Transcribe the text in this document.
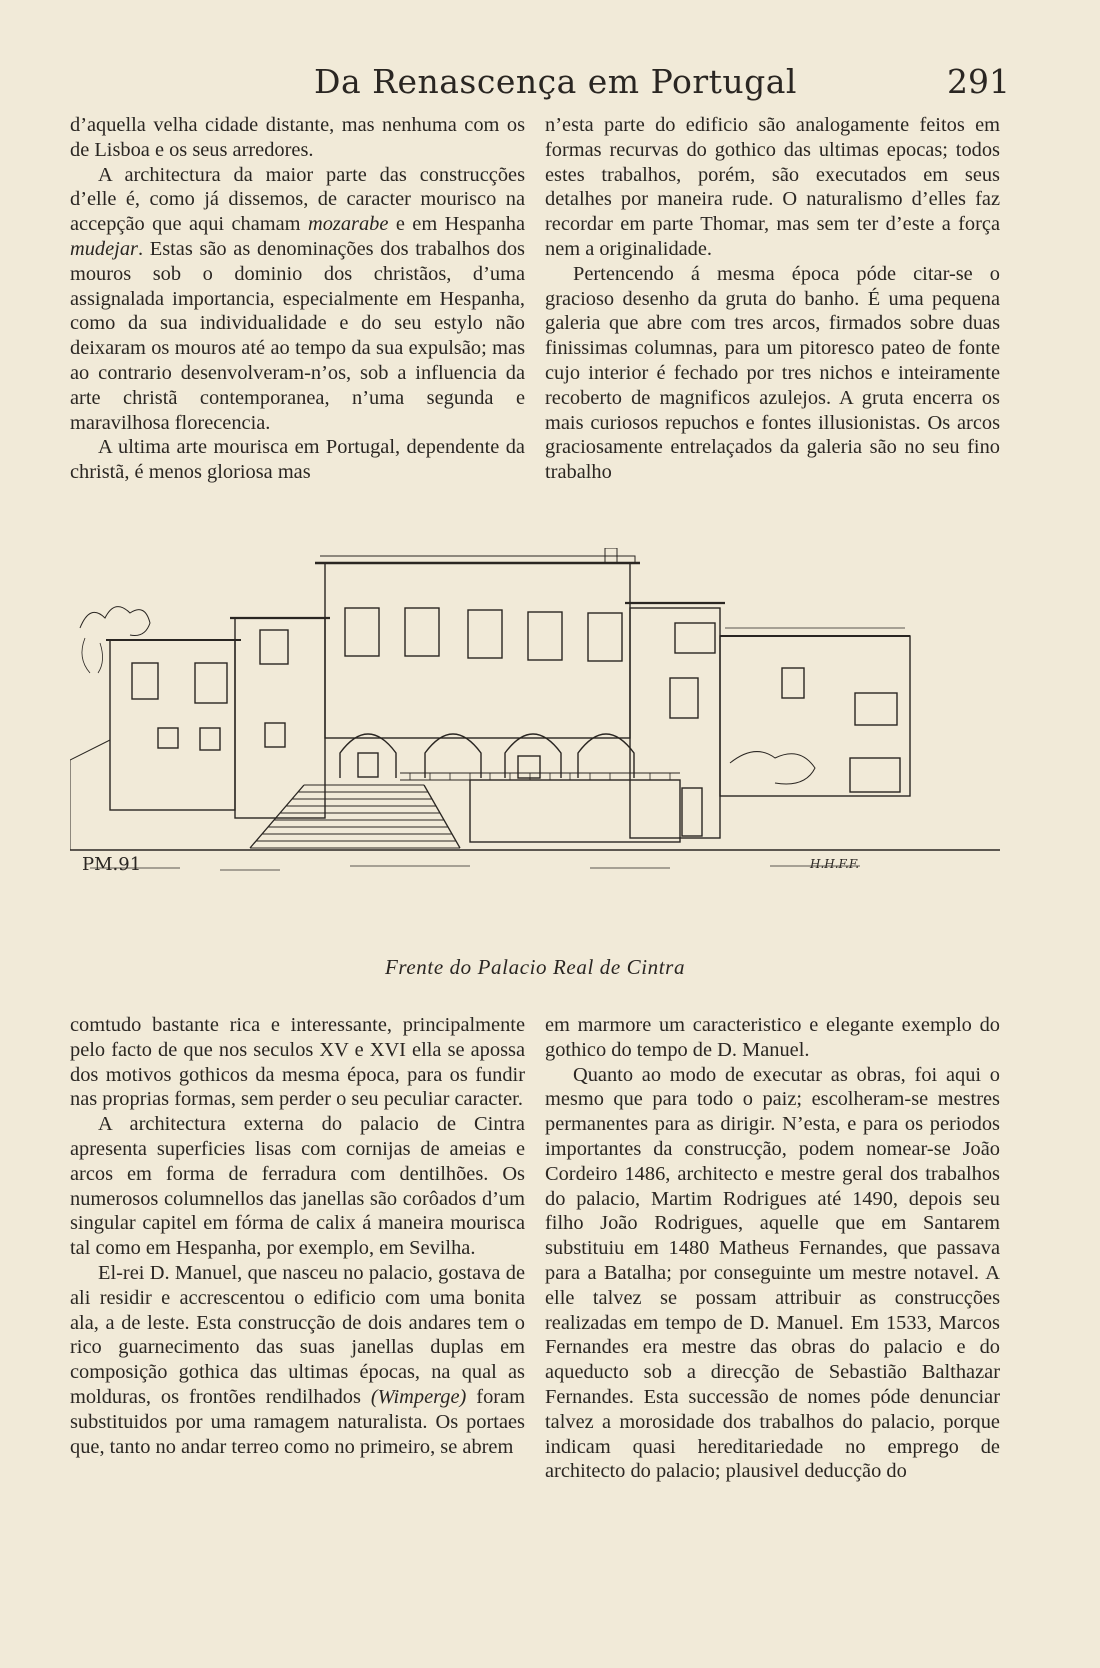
Da Renascença em Portugal	291

d’aquella velha cidade distante, mas nenhuma com os de Lisboa e os seus arredores.

A architectura da maior parte das construcções d’elle é, como já dissemos, de caracter mourisco na accepção que aqui chamam mozarabe e em Hespanha mudejar. Estas são as denominações dos trabalhos dos mouros sob o dominio dos christãos, d’uma assignalada importancia, especialmente em Hespanha, como da sua individualidade e do seu estylo não deixaram os mouros até ao tempo da sua expulsão; mas ao contrario desenvolveram-n’os, sob a influencia da arte christã contemporanea, n’uma segunda e maravilhosa florecencia.

A ultima arte mourisca em Portugal, dependente da christã, é menos gloriosa mas

n’esta parte do edificio são analogamente feitos em formas recurvas do gothico das ultimas epocas; todos estes trabalhos, porém, são executados em seus detalhes por maneira rude. O naturalismo d’elles faz recordar em parte Thomar, mas sem ter d’este a força nem a originalidade.

Pertencendo á mesma época póde citar-se o gracioso desenho da gruta do banho. É uma pequena galeria que abre com tres arcos, firmados sobre duas finissimas columnas, para um pitoresco pateo de fonte cujo interior é fechado por tres nichos e inteiramente recoberto de magnificos azulejos. A gruta encerra os mais curiosos repuchos e fontes illusionistas. Os arcos graciosamente entrelaçados da galeria são no seu fino trabalho

PM.91	H.H.F.F.
Frente do Palacio Real de Cintra

comtudo bastante rica e interessante, principalmente pelo facto de que nos seculos XV e XVI ella se apossa dos motivos gothicos da mesma época, para os fundir nas proprias formas, sem perder o seu peculiar caracter.

A architectura externa do palacio de Cintra apresenta superficies lisas com cornijas de ameias e arcos em forma de ferradura com dentilhões. Os numerosos columnellos das janellas são corôados d’um singular capitel em fórma de calix á maneira mourisca tal como em Hespanha, por exemplo, em Sevilha.

El-rei D. Manuel, que nasceu no palacio, gostava de ali residir e accrescentou o edificio com uma bonita ala, a de leste. Esta construcção de dois andares tem o rico guarnecimento das suas janellas duplas em composição gothica das ultimas épocas, na qual as molduras, os frontões rendilhados (Wimperge) foram substituidos por uma ramagem naturalista. Os portaes que, tanto no andar terreo como no primeiro, se abrem

em marmore um caracteristico e elegante exemplo do gothico do tempo de D. Manuel.

Quanto ao modo de executar as obras, foi aqui o mesmo que para todo o paiz; escolheram-se mestres permanentes para as dirigir. N’esta, e para os periodos importantes da construcção, podem nomear-se João Cordeiro 1486, architecto e mestre geral dos trabalhos do palacio, Martim Rodrigues até 1490, depois seu filho João Rodrigues, aquelle que em Santarem substituiu em 1480 Matheus Fernandes, que passava para a Batalha; por conseguinte um mestre notavel. A elle talvez se possam attribuir as construcções realizadas em tempo de D. Manuel. Em 1533, Marcos Fernandes era mestre das obras do palacio e do aqueducto sob a direcção de Sebastião Balthazar Fernandes. Esta successão de nomes póde denunciar talvez a morosidade dos trabalhos do palacio, porque indicam quasi hereditariedade no emprego de architecto do palacio; plausivel deducção do
